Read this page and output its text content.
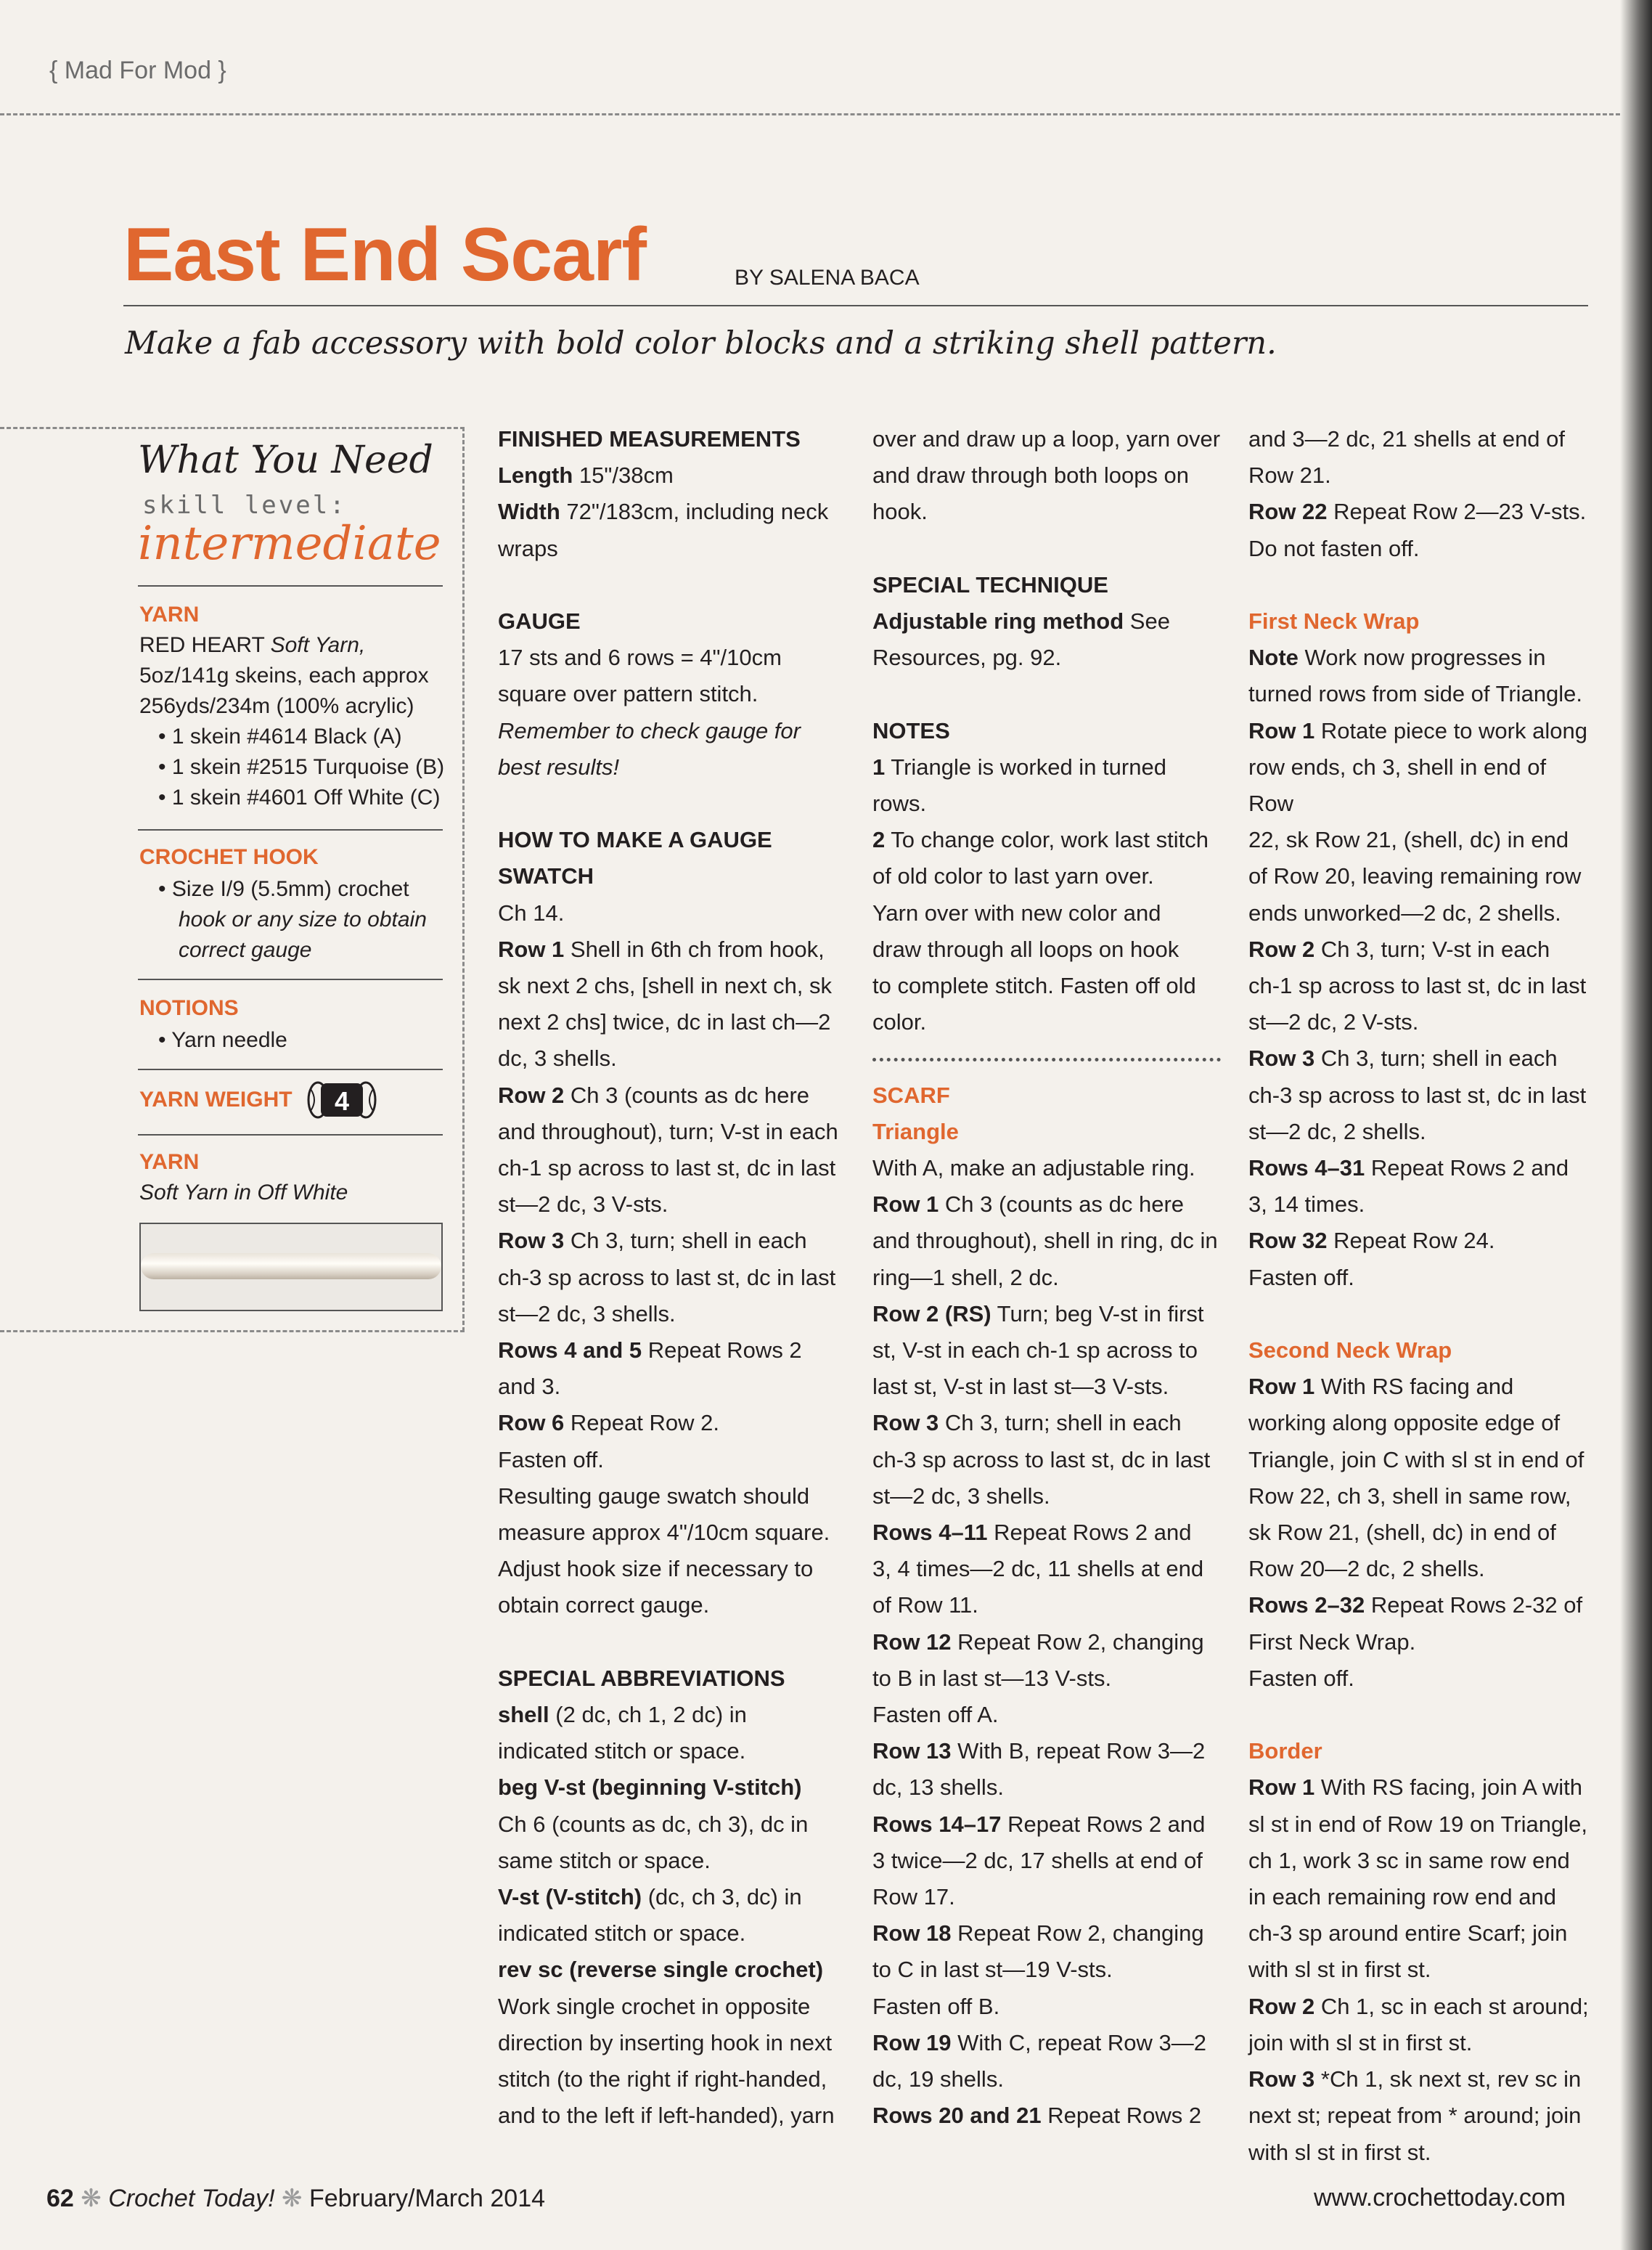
{ Mad For Mod }
East End Scarf	BY SALENA BACA
Make a fab accessory with bold color blocks and a striking shell pattern.
What You Need
skill level:
intermediate
YARN
RED HEART Soft Yarn,
5oz/141g skeins, each approx
256yds/234m (100% acrylic)
• 1 skein #4614 Black (A)
• 1 skein #2515 Turquoise (B)
• 1 skein #4601 Off White (C)
CROCHET HOOK
• Size I/9 (5.5mm) crochet
hook or any size to obtain
correct gauge
NOTIONS
• Yarn needle
YARN WEIGHT 4
YARN
Soft Yarn in Off White

FINISHED MEASUREMENTS

Length 15"/38cm

Width 72"/183cm, including neck

wraps

GAUGE

17 sts and 6 rows = 4"/10cm

square over pattern stitch.

Remember to check gauge for

best results!

HOW TO MAKE A GAUGE

SWATCH

Ch 14.

Row 1 Shell in 6th ch from hook,

sk next 2 chs, [shell in next ch, sk

next 2 chs] twice, dc in last ch—2

dc, 3 shells.

Row 2 Ch 3 (counts as dc here

and throughout), turn; V-st in each

ch-1 sp across to last st, dc in last

st—2 dc, 3 V-sts.

Row 3 Ch 3, turn; shell in each

ch-3 sp across to last st, dc in last

st—2 dc, 3 shells.

Rows 4 and 5 Repeat Rows 2

and 3.

Row 6 Repeat Row 2.

Fasten off.

Resulting gauge swatch should

measure approx 4"/10cm square.

Adjust hook size if necessary to

obtain correct gauge.

SPECIAL ABBREVIATIONS

shell (2 dc, ch 1, 2 dc) in

indicated stitch or space.

beg V-st (beginning V-stitch)

Ch 6 (counts as dc, ch 3), dc in

same stitch or space.

V-st (V-stitch) (dc, ch 3, dc) in

indicated stitch or space.

rev sc (reverse single crochet)

Work single crochet in opposite

direction by inserting hook in next

stitch (to the right if right-handed,

and to the left if left-handed), yarn

over and draw up a loop, yarn over

and draw through both loops on

hook.

SPECIAL TECHNIQUE

Adjustable ring method See

Resources, pg. 92.

NOTES

1 Triangle is worked in turned

rows.

2 To change color, work last stitch

of old color to last yarn over.

Yarn over with new color and

draw through all loops on hook

to complete stitch. Fasten off old

color.

SCARF

Triangle

With A, make an adjustable ring.

Row 1 Ch 3 (counts as dc here

and throughout), shell in ring, dc in

ring—1 shell, 2 dc.

Row 2 (RS) Turn; beg V-st in first

st, V-st in each ch-1 sp across to

last st, V-st in last st—3 V-sts.

Row 3 Ch 3, turn; shell in each

ch-3 sp across to last st, dc in last

st—2 dc, 3 shells.

Rows 4–11 Repeat Rows 2 and

3, 4 times—2 dc, 11 shells at end

of Row 11.

Row 12 Repeat Row 2, changing

to B in last st—13 V-sts.

Fasten off A.

Row 13 With B, repeat Row 3—2

dc, 13 shells.

Rows 14–17 Repeat Rows 2 and

3 twice—2 dc, 17 shells at end of

Row 17.

Row 18 Repeat Row 2, changing

to C in last st—19 V-sts.

Fasten off B.

Row 19 With C, repeat Row 3—2

dc, 19 shells.

Rows 20 and 21 Repeat Rows 2

and 3—2 dc, 21 shells at end of

Row 21.

Row 22 Repeat Row 2—23 V-sts.

Do not fasten off.

First Neck Wrap

Note Work now progresses in

turned rows from side of Triangle.

Row 1 Rotate piece to work along

row ends, ch 3, shell in end of Row

22, sk Row 21, (shell, dc) in end

of Row 20, leaving remaining row

ends unworked—2 dc, 2 shells.

Row 2 Ch 3, turn; V-st in each

ch-1 sp across to last st, dc in last

st—2 dc, 2 V-sts.

Row 3 Ch 3, turn; shell in each

ch-3 sp across to last st, dc in last

st—2 dc, 2 shells.

Rows 4–31 Repeat Rows 2 and

3, 14 times.

Row 32 Repeat Row 24.

Fasten off.

Second Neck Wrap

Row 1 With RS facing and

working along opposite edge of

Triangle, join C with sl st in end of

Row 22, ch 3, shell in same row,

sk Row 21, (shell, dc) in end of

Row 20—2 dc, 2 shells.

Rows 2–32 Repeat Rows 2-32 of

First Neck Wrap.

Fasten off.

Border

Row 1 With RS facing, join A with

sl st in end of Row 19 on Triangle,

ch 1, work 3 sc in same row end

in each remaining row end and

ch-3 sp around entire Scarf; join

with sl st in first st.

Row 2 Ch 1, sc in each st around;

join with sl st in first st.

Row 3 *Ch 1, sk next st, rev sc in

next st; repeat from * around; join

with sl st in first st.

62 ❋ Crochet Today! ❋ February/March 2014	www.crochettoday.com
